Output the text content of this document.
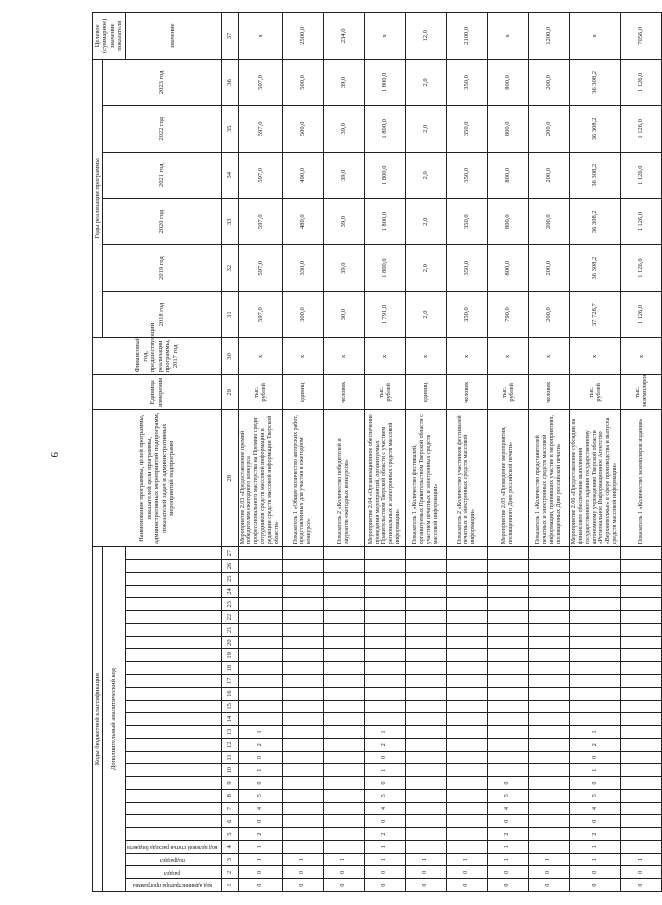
9
Коды бюджетной классификации																											Наименование программы, целей программы, показателей цели программы, административных мероприятий подпрограмм, показателей задач и административных мероприятий подпрограмм	Единица измерения	Финансовый год, предшествующий реализации программы, 2017 год	Годы реализации программы						Целевое (суммарное) значение показателя
Дополнительный аналитический код																														2018 год	2019 год	2020 год	2021 год	2022 год	2023 год	
код администратора программы	раздел	подраздел	код целевой статьи расхода бюджета																																	значение
1	2	3	4	5	6	7	8	9	10	11	12	13	14	15	16	17	18	19	20	21	22	23	24	25	26	27	28	29	30	31	32	33	34	35	36	37
0	0	1	1	2	0	4	5	0	1	0	2	1															Мероприятие 2.03 «Предоставление премий победителям ежегодного конкурса профессионального мастерства на Премию среди сотрудников средств массовой информации в редакции средств массовой информации Тверской области»	тыс. рублей	х	597,0	597,0	597,0	597,0	597,0	597,0	х
0	0	1																									Показатель 1 «Общее количество авторских работ, представленных для участия в ежегодном конкурсе»	единиц	х	300,0	330,0	480,0	490,0	500,0	500,0	2500,0
0	0	1																									Показатель 2 «Количество победителей и лауреатов ежегодных конкурсов»	человек	х	30,0	39,0	39,0	39,0	39,0	39,0	234,0
0	0	1	1	2	0	4	5	0	1	0	2	1															Мероприятие 2.04 «Организационное обеспечение проведения мероприятий, организуемых Правительством Тверской области с участием региональных и электронных средств массовой информации»	тыс. рублей	х	1 791,0	1 800,0	1 800,0	1 800,0	1 800,0	1 800,0	х
0	0	1																									Показатель 1 «Количество фестивалей, организуемых Правительством Тверской области с участием печатных и электронных средств массовой информации»	единиц	х	2,0	2,0	2,0	2,0	2,0	2,0	12,0
0	0	1																									Показатель 2 «Количество участников фестивалей печатных и электронных средств массовой информации»	человек	х	350,0	350,0	350,0	350,0	350,0	350,0	2100,0
0	0	1	1	2	0	4	5	0																			Мероприятие 2.05 «Проведение мероприятия, посвященного Дню российской печати»	тыс. рублей	х	790,0	800,0	800,0	800,0	800,0	800,0	х
0	0	1																									Показатель 1 «Количество представителей печатных и электронных средств массовой информации, принявших участие в мероприятиях, посвященных Дню российской печати»	человек	х	200,0	200,0	200,0	200,0	200,0	200,0	1200,0
0	0	1	1	2	0	4	5	0	1	0	2	1															Мероприятие 2.06 «Предоставление субсидии на финансовое обеспечение выполнения государственного задания государственному автономному учреждению Тверской области «Региональное Информационное Агентство «Верхневолжье» в сфере производства и выпуска средств массовой информации»	тыс. рублей	х	37 728,7	36 308,2	36 308,2	36 308,2	36 308,2	36 308,2	х
0	0	1																									Показатель 1 «Количество экземпляров издания»	тыс. экземпляров	х	1 126,0	1 126,0	1 126,0	1 126,0	1 126,0	1 126,0	7056,0
